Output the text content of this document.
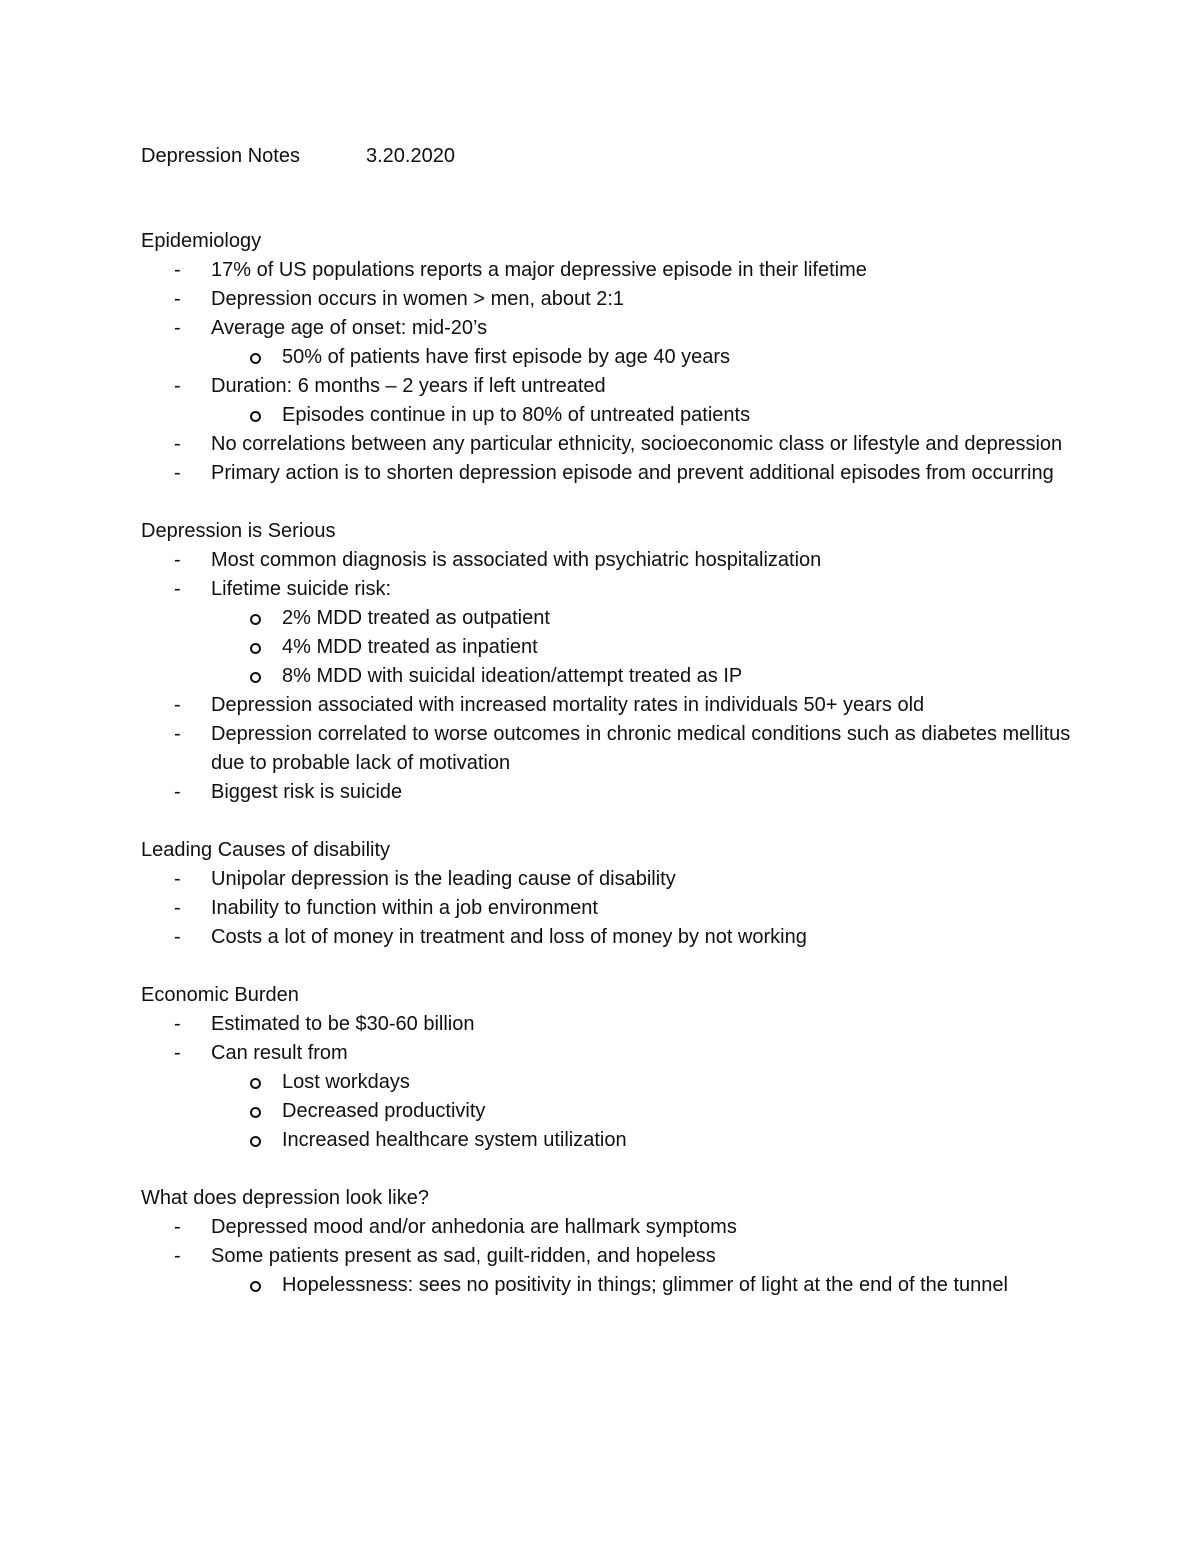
Depression Notes	3.20.2020
Epidemiology
- 17% of US populations reports a major depressive episode in their lifetime
- Depression occurs in women > men, about 2:1
- Average age of onset: mid-20’s
50% of patients have first episode by age 40 years
- Duration: 6 months – 2 years if left untreated
Episodes continue in up to 80% of untreated patients
- No correlations between any particular ethnicity, socioeconomic class or lifestyle and depression
- Primary action is to shorten depression episode and prevent additional episodes from occurring
Depression is Serious
- Most common diagnosis is associated with psychiatric hospitalization
- Lifetime suicide risk:
2% MDD treated as outpatient
4% MDD treated as inpatient
8% MDD with suicidal ideation/attempt treated as IP
- Depression associated with increased mortality rates in individuals 50+ years old
- Depression correlated to worse outcomes in chronic medical conditions such as diabetes mellitus due to probable lack of motivation
- Biggest risk is suicide
Leading Causes of disability
- Unipolar depression is the leading cause of disability
- Inability to function within a job environment
- Costs a lot of money in treatment and loss of money by not working
Economic Burden
- Estimated to be $30-60 billion
- Can result from
Lost workdays
Decreased productivity
Increased healthcare system utilization
What does depression look like?
- Depressed mood and/or anhedonia are hallmark symptoms
- Some patients present as sad, guilt-ridden, and hopeless
Hopelessness: sees no positivity in things; glimmer of light at the end of the tunnel
